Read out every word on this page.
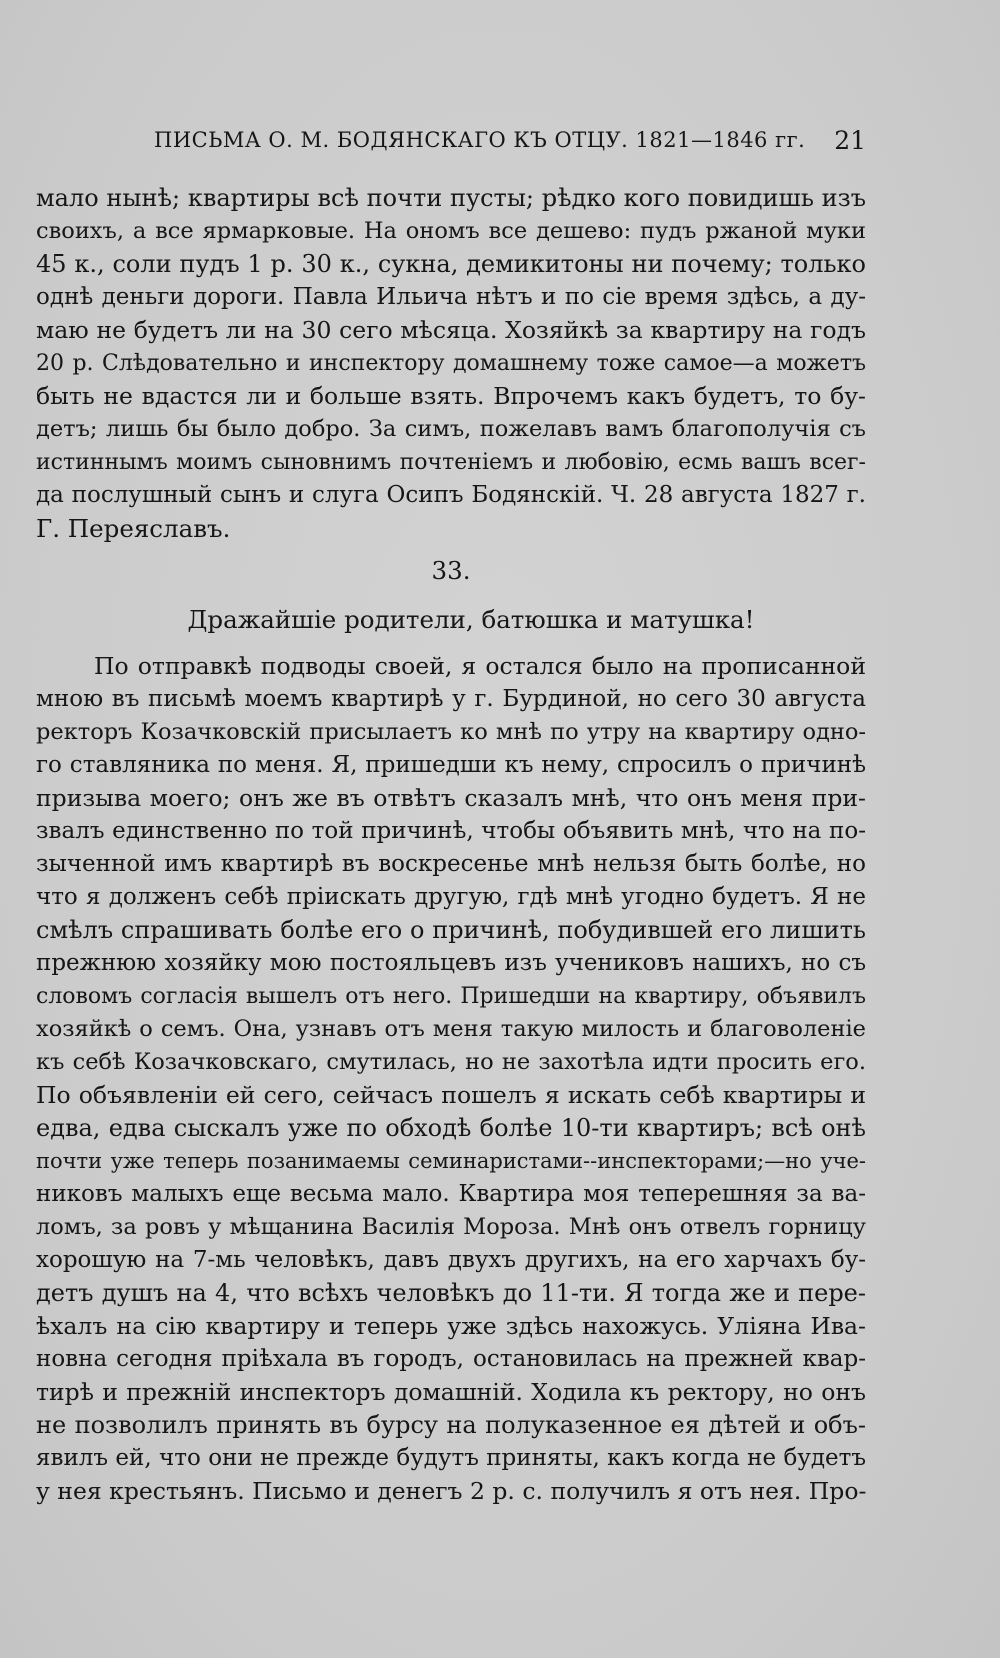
ПИСЬМА О. М. БОДЯНСКАГО КЪ ОТЦУ. 1821—1846 гг. 21
мало нынѣ; квартиры всѣ почти пусты; рѣдко кого повидишь изъ
своихъ, а все ярмарковые. На ономъ все дешево: пудъ ржаной муки
45 к., соли пудъ 1 р. 30 к., сукна, демикитоны ни почему; только
однѣ деньги дороги. Павла Ильича нѣтъ и по сіе время здѣсь, а ду-
маю не будетъ ли на 30 сего мѣсяца. Хозяйкѣ за квартиру на годъ
20 р. Слѣдовательно и инспектору домашнему тоже самое—а можетъ
быть не вдастся ли и больше взять. Впрочемъ какъ будетъ, то бу-
детъ; лишь бы было добро. За симъ, пожелавъ вамъ благополучія съ
истиннымъ моимъ сыновнимъ почтеніемъ и любовію, есмь вашъ всег-
да послушный сынъ и слуга Осипъ Бодянскій. Ч. 28 августа 1827 г.
Г. Переяславъ.
33.
Дражайшіе родители, батюшка и матушка!
По отправкѣ подводы своей, я остался было на прописанной
мною въ письмѣ моемъ квартирѣ у г. Бурдиной, но сего 30 августа
ректоръ Козачковскій присылаетъ ко мнѣ по утру на квартиру одно-
го ставляника по меня. Я, пришедши къ нему, спросилъ о причинѣ
призыва моего; онъ же въ отвѣтъ сказалъ мнѣ, что онъ меня при-
звалъ единственно по той причинѣ, чтобы объявить мнѣ, что на по-
зыченной имъ квартирѣ въ воскресенье мнѣ нельзя быть болѣе, но
что я долженъ себѣ пріискать другую, гдѣ мнѣ угодно будетъ. Я не
смѣлъ спрашивать болѣе его о причинѣ, побудившей его лишить
прежнюю хозяйку мою постояльцевъ изъ учениковъ нашихъ, но съ
словомъ согласія вышелъ отъ него. Пришедши на квартиру, объявилъ
хозяйкѣ о семъ. Она, узнавъ отъ меня такую милость и благоволеніе
къ себѣ Козачковскаго, смутилась, но не захотѣла идти просить его.
По объявленіи ей сего, сейчасъ пошелъ я искать себѣ квартиры и
едва, едва сыскалъ уже по обходѣ болѣе 10-ти квартиръ; всѣ онѣ
почти уже теперь позанимаемы семинаристами--инспекторами;—но уче-
никовъ малыхъ еще весьма мало. Квартира моя теперешняя за ва-
ломъ, за ровъ у мѣщанина Василія Мороза. Мнѣ онъ отвелъ горницу
хорошую на 7-мь человѣкъ, давъ двухъ другихъ, на его харчахъ бу-
детъ душъ на 4, что всѣхъ человѣкъ до 11-ти. Я тогда же и пере-
ѣхалъ на сію квартиру и теперь уже здѣсь нахожусь. Уліяна Ива-
новна сегодня пріѣхала въ городъ, остановилась на прежней квар-
тирѣ и прежній инспекторъ домашній. Ходила къ ректору, но онъ
не позволилъ принять въ бурсу на полуказенное ея дѣтей и объ-
явилъ ей, что они не прежде будутъ приняты, какъ когда не будетъ
у нея крестьянъ. Письмо и денегъ 2 р. с. получилъ я отъ нея. Про-
